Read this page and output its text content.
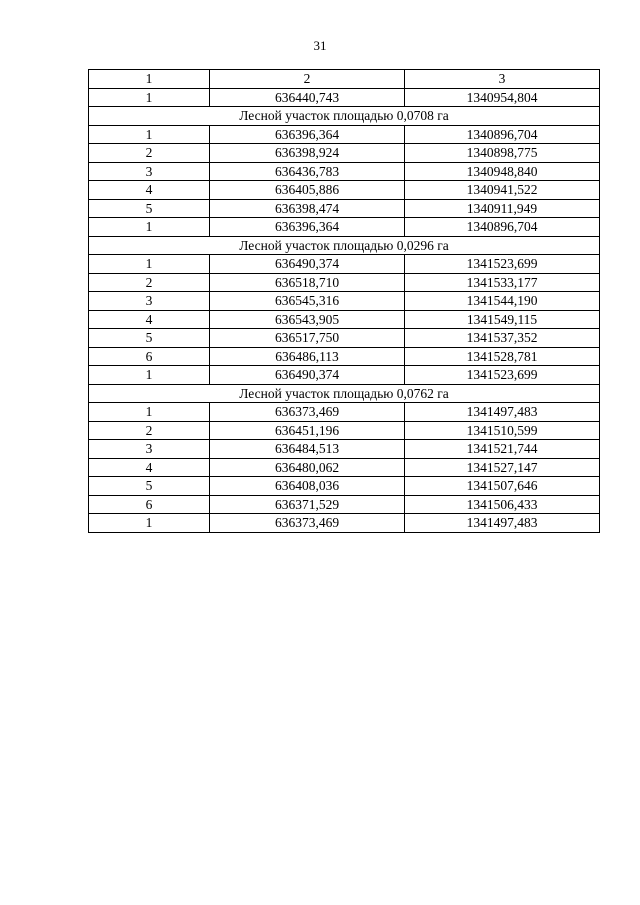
31
1	2	3
1	636440,743	1340954,804
Лесной участок площадью 0,0708 га		
1	636396,364	1340896,704
2	636398,924	1340898,775
3	636436,783	1340948,840
4	636405,886	1340941,522
5	636398,474	1340911,949
1	636396,364	1340896,704
Лесной участок площадью 0,0296 га		
1	636490,374	1341523,699
2	636518,710	1341533,177
3	636545,316	1341544,190
4	636543,905	1341549,115
5	636517,750	1341537,352
6	636486,113	1341528,781
1	636490,374	1341523,699
Лесной участок площадью 0,0762 га		
1	636373,469	1341497,483
2	636451,196	1341510,599
3	636484,513	1341521,744
4	636480,062	1341527,147
5	636408,036	1341507,646
6	636371,529	1341506,433
1	636373,469	1341497,483
